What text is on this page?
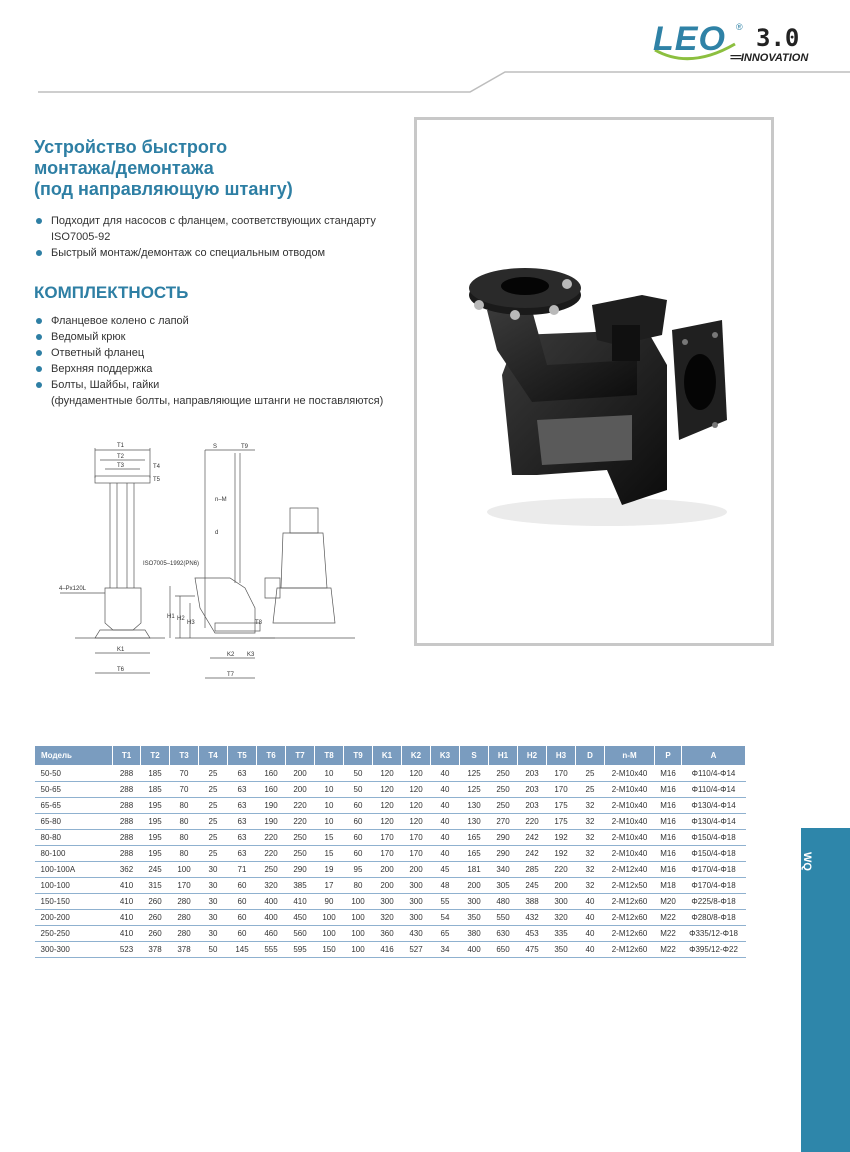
LEO ® 3.0
==INNOVATION
Устройство быстрого
монтажа/демонтажа
(под направляющую штангу)
Подходит для насосов с фланцем, соответствующих стандарту ISO7005-92
Быстрый монтаж/демонтаж со специальным отводом
КОМПЛЕКТНОСТЬ
Фланцевое колено с лапой
Ведомый крюк
Ответный фланец
Верхняя поддержка
Болты, Шайбы, гайки
(фундаментные болты, направляющие штанги не поставляются)
T1
T2
T3	T4
T5
K1
T6
4–Px120L
S	T9
n–M
d
ISO7005–1992(PN6)
H1 H2
H3	T8
K2 K3
T7
Модель	T1	T2	T3	T4	T5	T6	T7	T8	T9	K1	K2	K3	S	H1	H2	H3	D	n-M	P	A
50-50	288	185	70	25	63	160	200	10	50	120	120	40	125	250	203	170	25	2-M10x40	M16	Φ110/4-Φ14
50-65	288	185	70	25	63	160	200	10	50	120	120	40	125	250	203	170	25	2-M10x40	M16	Φ110/4-Φ14
65-65	288	195	80	25	63	190	220	10	60	120	120	40	130	250	203	175	32	2-M10x40	M16	Φ130/4-Φ14
65-80	288	195	80	25	63	190	220	10	60	120	120	40	130	270	220	175	32	2-M10x40	M16	Φ130/4-Φ14
80-80	288	195	80	25	63	220	250	15	60	170	170	40	165	290	242	192	32	2-M10x40	M16	Φ150/4-Φ18
80-100	288	195	80	25	63	220	250	15	60	170	170	40	165	290	242	192	32	2-M10x40	M16	Φ150/4-Φ18
100-100A	362	245	100	30	71	250	290	19	95	200	200	45	181	340	285	220	32	2-M12x40	M16	Φ170/4-Φ18
100-100	410	315	170	30	60	320	385	17	80	200	300	48	200	305	245	200	32	2-M12x50	M18	Φ170/4-Φ18
150-150	410	260	280	30	60	400	410	90	100	300	300	55	300	480	388	300	40	2-M12x60	M20	Φ225/8-Φ18
200-200	410	260	280	30	60	400	450	100	100	320	300	54	350	550	432	320	40	2-M12x60	M22	Φ280/8-Φ18
250-250	410	260	280	30	60	460	560	100	100	360	430	65	380	630	453	335	40	2-M12x60	M22	Φ335/12-Φ18
300-300	523	378	378	50	145	555	595	150	100	416	527	34	400	650	475	350	40	2-M12x60	M22	Φ395/12-Φ22
WQ
